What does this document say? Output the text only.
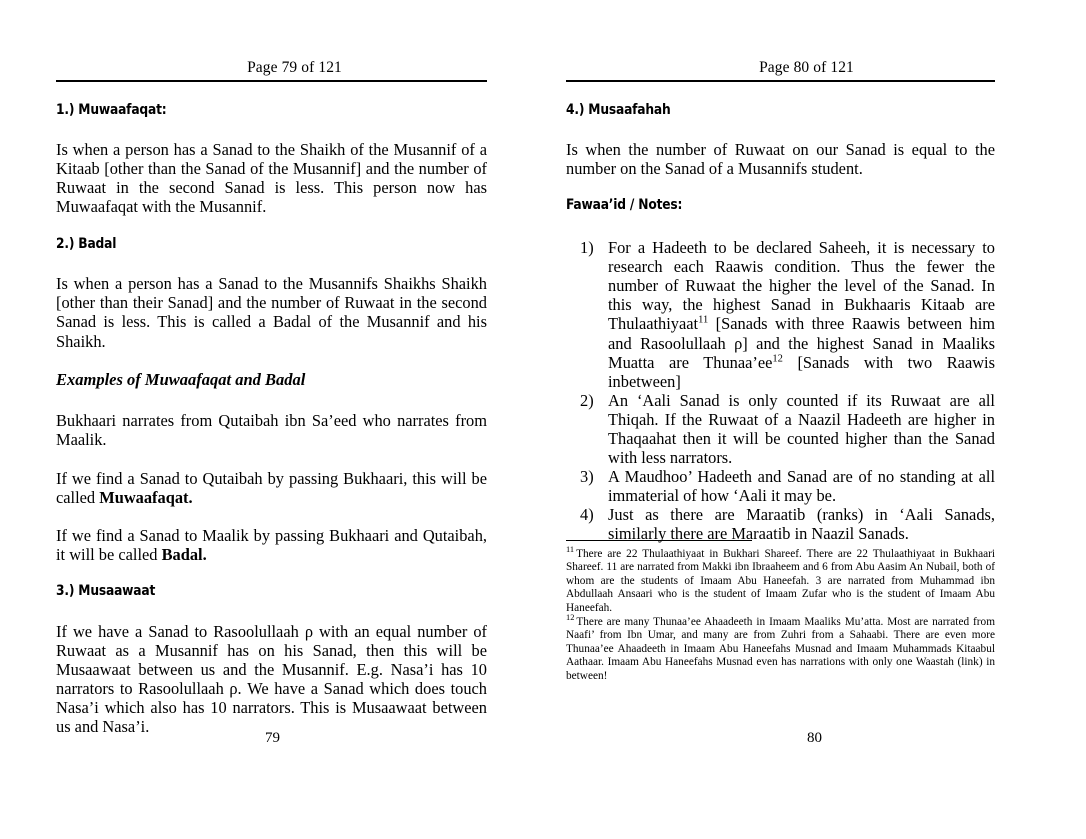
Page 79 of 121
1.) Muwaafaqat:

Is when a person has a Sanad to the Shaikh of the Musannif of a Kitaab [other than the Sanad of the Musannif] and the number of Ruwaat in the second Sanad is less. This person now has Muwaafaqat with the Musannif.

2.) Badal

Is when a person has a Sanad to the Musannifs Shaikhs Shaikh [other than their Sanad] and the number of Ruwaat in the second Sanad is less. This is called a Badal of the Musannif and his Shaikh.

Examples of Muwaafaqat and Badal

Bukhaari narrates from Qutaibah ibn Sa’eed who narrates from Maalik.

If we find a Sanad to Qutaibah by passing Bukhaari, this will be called Muwaafaqat.

If we find a Sanad to Maalik by passing Bukhaari and Qutaibah, it will be called Badal.

3.) Musaawaat

If we have a Sanad to Rasoolullaah ρ with an equal number of Ruwaat as a Musannif has on his Sanad, then this will be Musaawaat between us and the Musannif. E.g. Nasa’i has 10 narrators to Rasoolullaah ρ. We have a Sanad which does touch Nasa’i which also has 10 narrators. This is Musaawaat between us and Nasa’i.

79
Page 80 of 121
4.) Musaafahah

Is when the number of Ruwaat on our Sanad is equal to the number on the Sanad of a Musannifs student.

Fawaa’id / Notes:
1) For a Hadeeth to be declared Saheeh, it is necessary to research each Raawis condition. Thus the fewer the number of Ruwaat the higher the level of the Sanad. In this way, the highest Sanad in Bukhaaris Kitaab are Thulaathiyaat$^{11}$ [Sanads with three Raawis between him and Rasoolullaah ρ] and the highest Sanad in Maaliks Muatta are Thunaa’ee$^{12}$ [Sanads with two Raawis inbetween]
2) An ‘Aali Sanad is only counted if its Ruwaat are all Thiqah. If the Ruwaat of a Naazil Hadeeth are higher in Thaqaahat then it will be counted higher than the Sanad with less narrators.
3) A Maudhoo’ Hadeeth and Sanad are of no standing at all immaterial of how ‘Aali it may be.
4) Just as there are Maraatib (ranks) in ‘Aali Sanads, similarly there are Maraatib in Naazil Sanads.

$^{11}$ There are 22 Thulaathiyaat in Bukhari Shareef. There are 22 Thulaathiyaat in Bukhaari Shareef. 11 are narrated from Makki ibn Ibraaheem and 6 from Abu Aasim An Nubail, both of whom are the students of Imaam Abu Haneefah. 3 are narrated from Muhammad ibn Abdullaah Ansaari who is the student of Imaam Zufar who is the student of Imaam Abu Haneefah.

$^{12}$ There are many Thunaa’ee Ahaadeeth in Imaam Maaliks Mu’atta. Most are narrated from Naafi’ from Ibn Umar, and many are from Zuhri from a Sahaabi. There are even more Thunaa’ee Ahaadeeth in Imaam Abu Haneefahs Musnad and Imaam Muhammads Kitaabul Aathaar. Imaam Abu Haneefahs Musnad even has narrations with only one Waastah (link) in between!

80
